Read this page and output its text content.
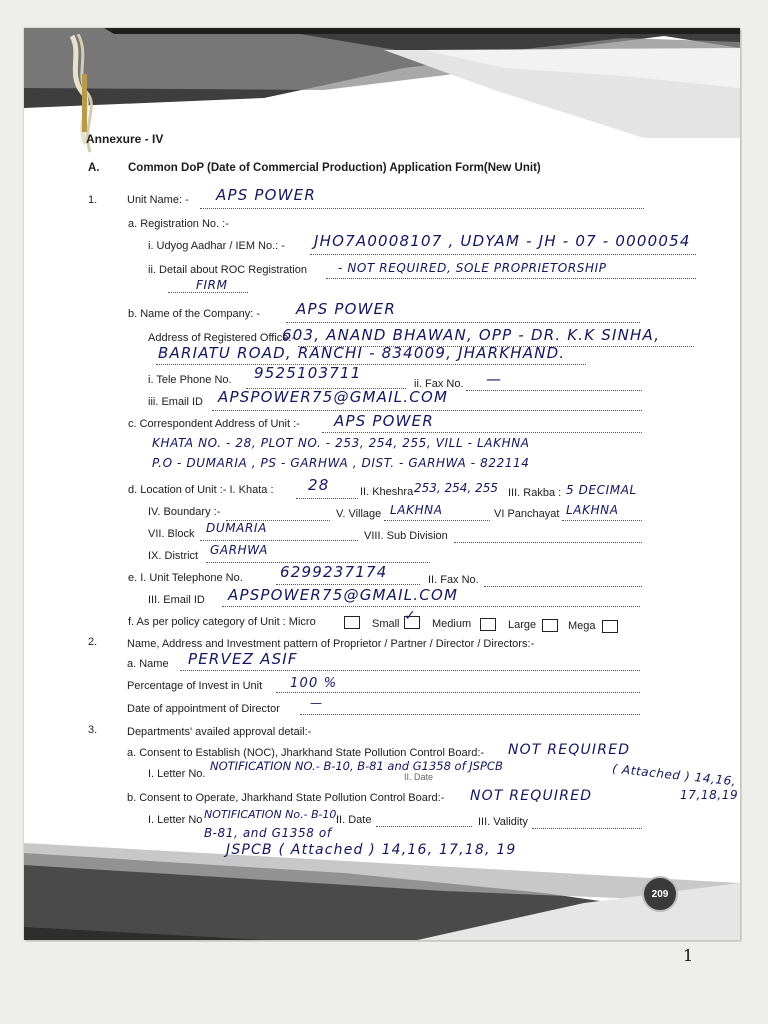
209
Annexure - IV
A. Common DoP (Date of Commercial Production) Application Form(New Unit)
1.	Unit Name: - APS POWER
a. Registration No. :-
i. Udyog Aadhar / IEM No.: - JHO7A0008107 , UDYAM - JH - 07 - 0000054
ii. Detail about ROC Registration	- NOT REQUIRED, SOLE PROPRIETORSHIP
FIRM
b. Name of the Company: - APS POWER
Address of Registered Office:-
603, ANAND BHAWAN, OPP - DR. K.K SINHA,
BARIATU ROAD, RANCHI - 834009, JHARKHAND.
i. Tele Phone No. 9525103711
ii. Fax No. —
iii. Email ID APSPOWER75@GMAIL.COM
c. Correspondent Address of Unit :- APS POWER
KHATA NO. - 28, PLOT NO. - 253, 254, 255, VILL - LAKHNA
P.O - DUMARIA , PS - GARHWA , DIST. - GARHWA - 822114
d. Location of Unit :- I. Khata : 28	II. Kheshra 253, 254, 255 III. Rakba : 5 DECIMAL
IV. Boundary :-	V. Village LAKHNA	VI Panchayat LAKHNA
VII. Block DUMARIA
VIII. Sub Division
IX. District GARHWA
e. I. Unit Telephone No. 6299237174	II. Fax No.
III. Email ID APSPOWER75@GMAIL.COM
f. As per policy category of Unit : Micro	Small ✓ Medium	Large	Mega
2.	Name, Address and Investment pattern of Proprietor / Partner / Director / Directors:-
a. Name PERVEZ ASIF
Percentage of Invest in Unit 100 %
Date of appointment of Director	—
3.	Departments' availed approval detail:-
a. Consent to Establish (NOC), Jharkhand State Pollution Control Board:- NOT REQUIRED
I. Letter No.
NOTIFICATION NO.- B-10, B-81 and G1358 of JSPCB
II. Date	( Attached ) 14,16,
17,18,19
b. Consent to Operate, Jharkhand State Pollution Control Board:- NOT REQUIRED
I. Letter No NOTIFICATION No.- B-10,
II. Date	III. Validity
B-81, and G1358 of
JSPCB ( Attached ) 14,16, 17,18, 19
1
